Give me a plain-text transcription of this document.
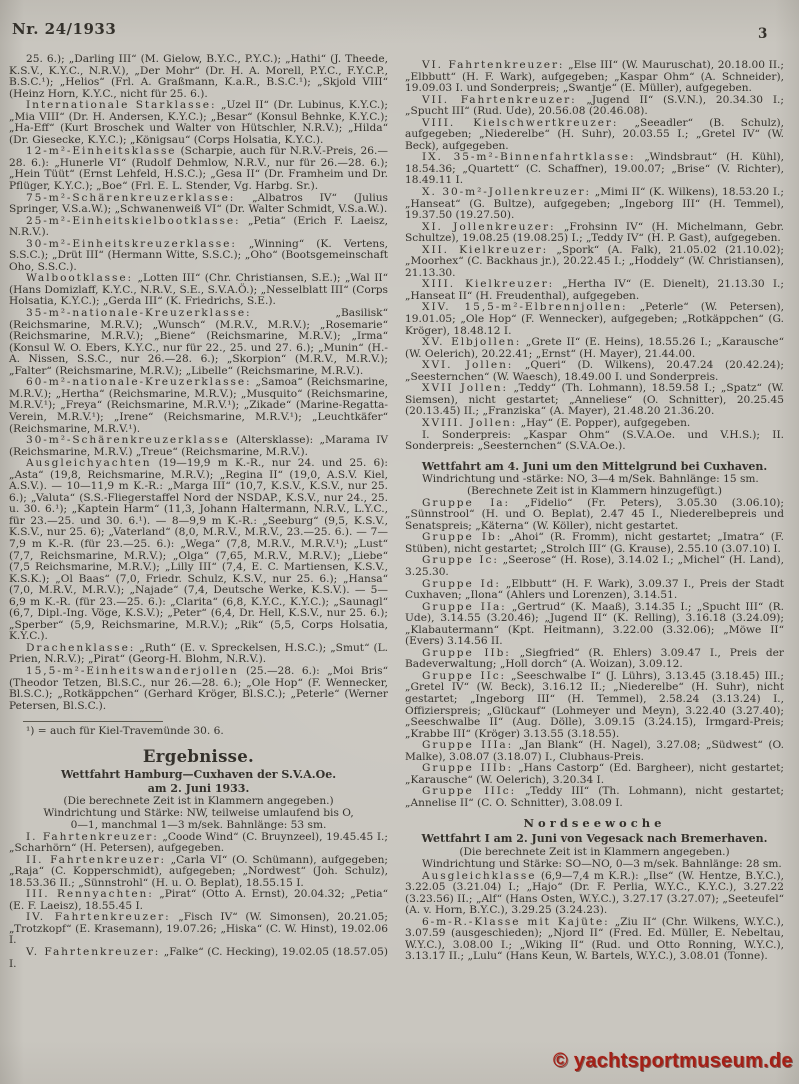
Nr. 24/1933	3

25. 6.); „Darling III“ (M. Gielow, B.Y.C., P.Y.C.); „Hathi“ (J. Theede, K.S.V., K.Y.C., N.R.V.), „Der Mohr“ (Dr. H. A. Morell, P.Y.C., F.Y.C.P., B.S.C.¹); „Helios“ (Frl. A. Graßmann, K.a.R., B.S.C.¹); „Skjold VIII“ (Heinz Horn, K.Y.C., nicht für 25. 6.).

Internationale Starklasse: „Uzel II“ (Dr. Lubinus, K.Y.C.); „Mia VIII“ (Dr. H. Andersen, K.Y.C.); „Besar“ (Konsul Behnke, K.Y.C.); „Ha-Eff“ (Kurt Broschek und Walter von Hütschler, N.R.V.); „Hilda“ (Dr. Giesecke, K.Y.C.); „Königsau“ (Corps Holsatia, K.Y.C.).

12-m²-Einheitsklasse (Scharpie, auch für N.R.V.-Preis, 26.—28. 6.): „Hunerle VI“ (Rudolf Dehmlow, N.R.V., nur für 26.—28. 6.); „Hein Tüüt“ (Ernst Lehfeld, H.S.C.); „Gesa II“ (Dr. Framheim und Dr. Pflüger, K.Y.C.); „Boe“ (Frl. E. L. Stender, Vg. Harbg. Sr.).

75-m²-Schärenkreuzerklasse: „Albatros IV“ (Julius Springer, V.S.a.W.); „Schwanenweiß VI“ (Dr. Walter Schmidt, V.S.a.W.).

25-m²-Einheitskielbootklasse: „Petia“ (Erich F. Laeisz, N.R.V.).

30-m²-Einheitskreuzerklasse: „Winning“ (K. Vertens, S.S.C.); „Drüt III“ (Hermann Witte, S.S.C.); „Oho“ (Bootsgemeinschaft Oho, S.S.C.).

Walbootklasse: „Lotten III“ (Chr. Christiansen, S.E.); „Wal II“ (Hans Domizlaff, K.Y.C., N.R.V., S.E., S.V.A.Ö.); „Nesselblatt III“ (Corps Holsatia, K.Y.C.); „Gerda III“ (K. Friedrichs, S.E.).

35-m²-nationale-Kreuzerklasse: „Basilisk“ (Reichsmarine, M.R.V.); „Wunsch“ (M.R.V., M.R.V.); „Rosemarie“ (Reichsmarine, M.R.V.); „Biene“ (Reichsmarine, M.R.V.); „Irma“ (Konsul W. O. Ebers, K.Y.C., nur für 22., 25. und 27. 6.); „Munin“ (H.-A. Nissen, S.S.C., nur 26.—28. 6.); „Skorpion“ (M.R.V., M.R.V.); „Falter“ (Reichsmarine, M.R.V.); „Libelle“ (Reichsmarine, M.R.V.).

60-m²-nationale-Kreuzerklasse: „Samoa“ (Reichsmarine, M.R.V.); „Hertha“ (Reichsmarine, M.R.V.); „Musquito“ (Reichsmarine, M.R.V.¹); „Freya“ (Reichsmarine, M.R.V.¹); „Zikade“ (Marine-Regatta-Verein, M.R.V.¹); „Irene“ (Reichsmarine, M.R.V.¹); „Leuchtkäfer“ (Reichsmarine, M.R.V.¹).

30-m²-Schärenkreuzerklasse (Altersklasse): „Marama IV (Reichsmarine, M.R.V.) „Treue“ (Reichsmarine, M.R.V.).

Ausgleichyachten (19—19,9 m K.-R., nur 24. und 25. 6): „Asta“ (19,8, Reichsmarine, M.R.V.); „Regina II“ (19,0, A.S.V. Kiel, A.S.V.). — 10—11,9 m K.-R.: „Marga III“ (10,7, K.S.V., K.S.V., nur 25. 6.); „Valuta“ (S.S.-Fliegerstaffel Nord der NSDAP., K.S.V., nur 24., 25. u. 30. 6.¹); „Kaptein Harm“ (11,3, Johann Haltermann, N.R.V., L.Y.C., für 23.—25. und 30. 6.¹). — 8—9,9 m K.-R.: „Seeburg“ (9,5, K.S.V., K.S.V., nur 25. 6); „Vaterland“ (8,0, M.R.V., M.R.V., 23.—25. 6.). — 7—7,9 m K.-R. (für 23.—25. 6.): „Wega“ (7,8, M.R.V., M.R.V.¹); „Lust“ (7,7, Reichsmarine, M.R.V.); „Olga“ (7,65, M.R.V., M.R.V.); „Liebe“ (7,5 Reichsmarine, M.R.V.); „Lilly III“ (7,4, E. C. Martiensen, K.S.V., K.S.K.); „Ol Baas“ (7,0, Friedr. Schulz, K.S.V., nur 25. 6.); „Hansa“ (7,0, M.R.V., M.R.V.); „Najade“ (7,4, Deutsche Werke, K.S.V.). — 5—6,9 m K.-R. (für 23.—25. 6.): „Clarita“ (6,8, K.Y.C., K.Y.C.); „Saunagl“ (6,7, Dipl.-Ing. Vöge, K.S.V.); „Peter“ (6,4, Dr. Hell, K.S.V., nur 25. 6.); „Sperber“ (5,9, Reichsmarine, M.R.V.); „Rik“ (5,5, Corps Holsatia, K.Y.C.).

Drachenklasse: „Ruth“ (E. v. Spreckelsen, H.S.C.); „Smut“ (L. Prien, N.R.V.); „Pirat“ (Georg-H. Blohm, N.R.V.).

15,5-m²-Einheitswanderjollen (25.—28. 6.): „Moi Bris“ (Theodor Tetzen, Bl.S.C., nur 26.—28. 6.); „Ole Hop“ (F. Wennecker, Bl.S.C.); „Rotkäppchen“ (Gerhard Kröger, Bl.S.C.); „Peterle“ (Werner Petersen, Bl.S.C.).

¹) = auch für Kiel-Travemünde 30. 6.

Ergebnisse.
Wettfahrt Hamburg—Cuxhaven der S.V.A.Oe.
am 2. Juni 1933.

(Die berechnete Zeit ist in Klammern angegeben.)

Windrichtung und Stärke: NW, teilweise umlaufend bis O,

0—1, manchmal 1—3 m/sek. Bahnlänge: 53 sm.

I. Fahrtenkreuzer: „Coode Wind“ (C. Bruynzeel), 19.45.45 I.; „Scharhörn“ (H. Petersen), aufgegeben.

II. Fahrtenkreuzer: „Carla VI“ (O. Schümann), aufgegeben; „Raja“ (C. Kopperschmidt), aufgegeben; „Nordwest“ (Joh. Schulz), 18.53.36 II.; „Sünnstrohl“ (H. u. O. Beplat), 18.55.15 I.

III. Rennyachten: „Pirat“ (Otto A. Ernst), 20.04.32; „Petia“ (E. F. Laeisz), 18.55.45 I.

IV. Fahrtenkreuzer: „Fisch IV“ (W. Simonsen), 20.21.05; „Trotzkopf“ (E. Krasemann), 19.07.26; „Hiska“ (C. W. Hinst), 19.02.06 I.

V. Fahrtenkreuzer: „Falke“ (C. Hecking), 19.02.05 (18.57.05) I.

VI. Fahrtenkreuzer: „Else III“ (W. Mauruschat), 20.18.00 II.; „Elbbutt“ (H. F. Wark), aufgegeben; „Kaspar Ohm“ (A. Schneider), 19.09.03 I. und Sonderpreis; „Swantje“ (E. Müller), aufgegeben.

VII. Fahrtenkreuzer: „Jugend II“ (S.V.N.), 20.34.30 I.; „Spucht III“ (Rud. Ude), 20.56.08 (20.46.08).

VIII. Kielschwertkreuzer: „Seeadler“ (B. Schulz), aufgegeben; „Niederelbe“ (H. Suhr), 20.03.55 I.; „Gretel IV“ (W. Beck), aufgegeben.

IX. 35-m²-Binnenfahrtklasse: „Windsbraut“ (H. Kühl), 18.54.36; „Quartett“ (C. Schaffner), 19.00.07; „Brise“ (V. Richter), 18.49.11 I.

X. 30-m²-Jollenkreuzer: „Mimi II“ (K. Wilkens), 18.53.20 I.; „Hanseat“ (G. Bultze), aufgegeben; „Ingeborg III“ (H. Temmel), 19.37.50 (19.27.50).

XI. Jollenkreuzer: „Frohsinn IV“ (H. Michelmann, Gebr. Schultze), 19.08.25 (19.08.25) I.; „Teddy IV“ (H. P. Gast), aufgegeben.

XII. Kielkreuzer: „Spork“ (A. Falk), 21.05.02 (21.10.02); „Moorhex“ (C. Backhaus jr.), 20.22.45 I.; „Hoddely“ (W. Christiansen), 21.13.30.

XIII. Kielkreuzer: „Hertha IV“ (E. Dienelt), 21.13.30 I.; „Hanseat II“ (H. Freudenthal), aufgegeben.

XIV. 15,5-m²-Elbrennjollen: „Peterle“ (W. Petersen), 19.01.05; „Ole Hop“ (F. Wennecker), aufgegeben; „Rotkäppchen“ (G. Kröger), 18.48.12 I.

XV. Elbjollen: „Grete II“ (E. Heins), 18.55.26 I.; „Karausche“ (W. Oelerich), 20.22.41; „Ernst“ (H. Mayer), 21.44.00.

XVI. Jollen: „Queri“ (D. Wilkens), 20.47.24 (20.42.24); „Seesternchen“ (W. Waesch), 18.49.00 I. und Sonderpreis.

XVII Jollen: „Teddy“ (Th. Lohmann), 18.59.58 I.; „Spatz“ (W. Siemsen), nicht gestartet; „Anneliese“ (O. Schnitter), 20.25.45 (20.13.45) II.; „Franziska“ (A. Mayer), 21.48.20 21.36.20.

XVIII. Jollen: „Hay“ (E. Popper), aufgegeben.

I. Sonderpreis: „Kaspar Ohm“ (S.V.A.Oe. und V.H.S.); II. Sonderpreis: „Seesternchen“ (S.V.A.Oe.).

Wettfahrt am 4. Juni um den Mittelgrund bei Cuxhaven.

Windrichtung und -stärke: NO, 3—4 m/Sek. Bahnlänge: 15 sm.

(Berechnete Zeit ist in Klammern hinzugefügt.)

Gruppe Ia: „Fidelio“ (Fr. Peters), 3.05.30 (3.06.10); „Sünnstrool“ (H. und O. Beplat), 2.47 45 I., Niederelbepreis und Senatspreis; „Käterna“ (W. Köller), nicht gestartet.

Gruppe Ib: „Ahoi“ (R. Fromm), nicht gestartet; „Imatra“ (F. Stüben), nicht gestartet; „Strolch III“ (G. Krause), 2.55.10 (3.07.10) I.

Gruppe Ic: „Seerose“ (H. Rose), 3.14.02 I.; „Michel“ (H. Land), 3.25.30.

Gruppe Id: „Elbbutt“ (H. F. Wark), 3.09.37 I., Preis der Stadt Cuxhaven; „Ilona“ (Ahlers und Lorenzen), 3.14.51.

Gruppe IIa: „Gertrud“ (K. Maaß), 3.14.35 I.; „Spucht III“ (R. Ude), 3.14.55 (3.20.46); „Jugend II“ (K. Relling), 3.16.18 (3.24.09); „Klabautermann“ (Kpt. Heitmann), 3.22.00 (3.32.06); „Möwe II“ (Evers) 3.14.56 II.

Gruppe IIb: „Siegfried“ (R. Ehlers) 3.09.47 I., Preis der Badeverwaltung; „Holl dorch“ (A. Woizan), 3.09.12.

Gruppe IIc: „Seeschwalbe I“ (J. Lührs), 3.13.45 (3.18.45) III.; „Gretel IV“ (W. Beck), 3.16.12 II.; „Niederelbe“ (H. Suhr), nicht gestartet; „Ingeborg III“ (H. Temmel), 2.58.24 (3.13.24) I., Offizierspreis; „Glückauf“ (Lohmeyer und Meyn), 3.22.40 (3.27.40); „Seeschwalbe II“ (Aug. Dölle), 3.09.15 (3.24.15), Irmgard-Preis; „Krabbe III“ (Kröger) 3.13.55 (3.18.55).

Gruppe IIIa: „Jan Blank“ (H. Nagel), 3.27.08; „Südwest“ (O. Malke), 3.08.07 (3.18.07) I., Clubhaus-Preis.

Gruppe IIIb: „Hans Castorp“ (Ed. Bargheer), nicht gestartet; „Karausche“ (W. Oelerich), 3.20.34 I.

Gruppe IIIc: „Teddy III“ (Th. Lohmann), nicht gestartet; „Annelise II“ (C. O. Schnitter), 3.08.09 I.

Nordseewoche
Wettfahrt I am 2. Juni von Vegesack nach Bremerhaven.

(Die berechnete Zeit ist in Klammern angegeben.)

Windrichtung und Stärke: SO—NO, 0—3 m/sek. Bahnlänge: 28 sm.

Ausgleichklasse (6,9—7,4 m K.R.): „Ilse“ (W. Hentze, B.Y.C.), 3.22.05 (3.21.04) I.; „Hajo“ (Dr. F. Perlia, W.Y.C., K.Y.C.), 3.27.22 (3.23.56) II.; „Alf“ (Hans Osten, W.Y.C.), 3.27.17 (3.27.07); „Seeteufel“ (A. v. Horn, B.Y.C.), 3.29.25 (3.24.23).

6-m-R.-Klasse mit Kajüte: „Ziu II“ (Chr. Wilkens, W.Y.C.), 3.07.59 (ausgeschieden); „Njord II“ (Fred. Ed. Müller, E. Nebeltau, W.Y.C.), 3.08.00 I.; „Wiking II“ (Rud. und Otto Ronning, W.Y.C.), 3.13.17 II.; „Lulu“ (Hans Keun, W. Bartels, W.Y.C.), 3.08.01 (Tonne).

© yachtsportmuseum.de
